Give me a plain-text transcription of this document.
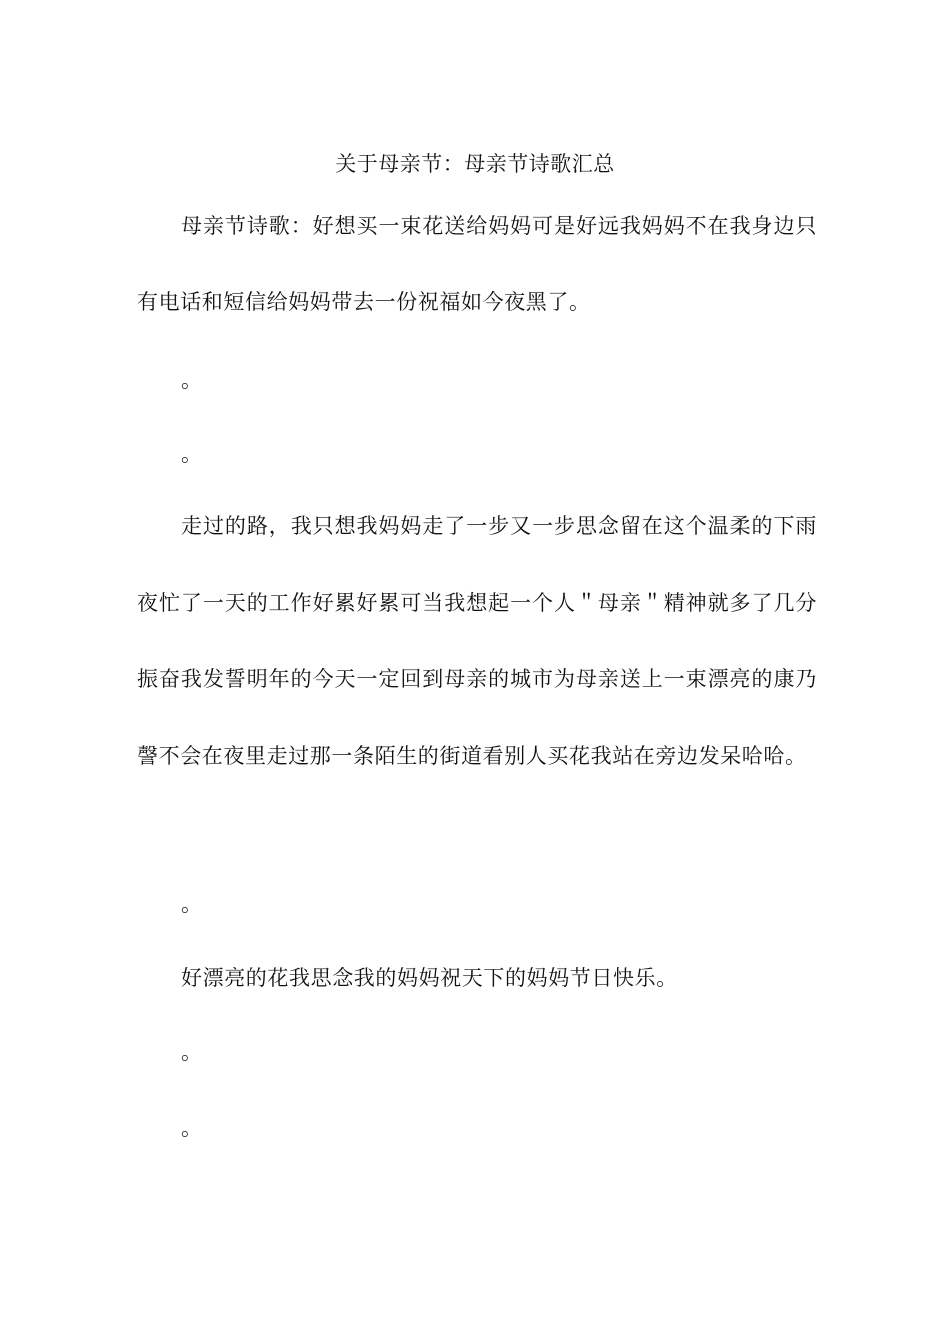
关于母亲节：母亲节诗歌汇总

母亲节诗歌：好想买一束花送给妈妈可是好远我妈妈不在我身边只有电话和短信给妈妈带去一份祝福如今夜黑了。

。

。

走过的路，我只想我妈妈走了一步又一步思念留在这个温柔的下雨夜忙了一天的工作好累好累可当我想起一个人＂母亲＂精神就多了几分振奋我发誓明年的今天一定回到母亲的城市为母亲送上一束漂亮的康乃謦不会在夜里走过那一条陌生的街道看别人买花我站在旁边发呆哈哈。

。

好漂亮的花我思念我的妈妈祝天下的妈妈节日快乐。

。

。
